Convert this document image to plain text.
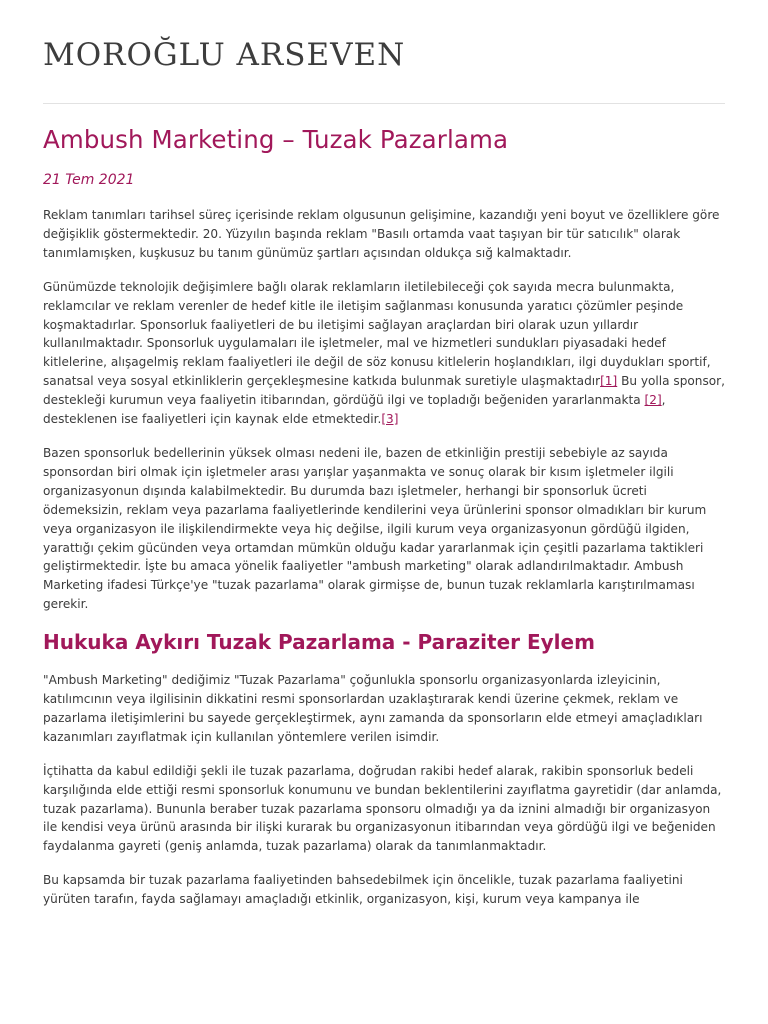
MOROĞLU ARSEVEN
Ambush Marketing – Tuzak Pazarlama
21 Tem 2021

Reklam tanımları tarihsel süreç içerisinde reklam olgusunun gelişimine, kazandığı yeni boyut ve özelliklere göre değişiklik göstermektedir. 20. Yüzyılın başında reklam "Basılı ortamda vaat taşıyan bir tür satıcılık" olarak tanımlamışken, kuşkusuz bu tanım günümüz şartları açısından oldukça sığ kalmaktadır.

Günümüzde teknolojik değişimlere bağlı olarak reklamların iletilebileceği çok sayıda mecra bulunmakta, reklamcılar ve reklam verenler de hedef kitle ile iletişim sağlanması konusunda yaratıcı çözümler peşinde koşmaktadırlar. Sponsorluk faaliyetleri de bu iletişimi sağlayan araçlardan biri olarak uzun yıllardır kullanılmaktadır. Sponsorluk uygulamaları ile işletmeler, mal ve hizmetleri sundukları piyasadaki hedef kitlelerine, alışagelmiş reklam faaliyetleri ile değil de söz konusu kitlelerin hoşlandıkları, ilgi duydukları sportif, sanatsal veya sosyal etkinliklerin gerçekleşmesine katkıda bulunmak suretiyle ulaşmaktadır[1] Bu yolla sponsor, destekleği kurumun veya faaliyetin itibarından, gördüğü ilgi ve topladığı beğeniden yararlanmakta [2], desteklenen ise faaliyetleri için kaynak elde etmektedir.[3]

Bazen sponsorluk bedellerinin yüksek olması nedeni ile, bazen de etkinliğin prestiji sebebiyle az sayıda sponsordan biri olmak için işletmeler arası yarışlar yaşanmakta ve sonuç olarak bir kısım işletmeler ilgili organizasyonun dışında kalabilmektedir. Bu durumda bazı işletmeler, herhangi bir sponsorluk ücreti ödemeksizin, reklam veya pazarlama faaliyetlerinde kendilerini veya ürünlerini sponsor olmadıkları bir kurum veya organizasyon ile ilişkilendirmekte veya hiç değilse, ilgili kurum veya organizasyonun gördüğü ilgiden, yarattığı çekim gücünden veya ortamdan mümkün olduğu kadar yararlanmak için çeşitli pazarlama taktikleri geliştirmektedir. İşte bu amaca yönelik faaliyetler "ambush marketing" olarak adlandırılmaktadır. Ambush Marketing ifadesi Türkçe'ye "tuzak pazarlama" olarak girmişse de, bunun tuzak reklamlarla karıştırılmaması gerekir.

Hukuka Aykırı Tuzak Pazarlama - Paraziter Eylem

"Ambush Marketing" dediğimiz "Tuzak Pazarlama" çoğunlukla sponsorlu organizasyonlarda izleyicinin, katılımcının veya ilgilisinin dikkatini resmi sponsorlardan uzaklaştırarak kendi üzerine çekmek, reklam ve pazarlama iletişimlerini bu sayede gerçekleştirmek, aynı zamanda da sponsorların elde etmeyi amaçladıkları kazanımları zayıflatmak için kullanılan yöntemlere verilen isimdir.

İçtihatta da kabul edildiği şekli ile tuzak pazarlama, doğrudan rakibi hedef alarak, rakibin sponsorluk bedeli karşılığında elde ettiği resmi sponsorluk konumunu ve bundan beklentilerini zayıflatma gayretidir (dar anlamda, tuzak pazarlama). Bununla beraber tuzak pazarlama sponsoru olmadığı ya da iznini almadığı bir organizasyon ile kendisi veya ürünü arasında bir ilişki kurarak bu organizasyonun itibarından veya gördüğü ilgi ve beğeniden faydalanma gayreti (geniş anlamda, tuzak pazarlama) olarak da tanımlanmaktadır.

Bu kapsamda bir tuzak pazarlama faaliyetinden bahsedebilmek için öncelikle, tuzak pazarlama faaliyetini yürüten tarafın, fayda sağlamayı amaçladığı etkinlik, organizasyon, kişi, kurum veya kampanya ile
